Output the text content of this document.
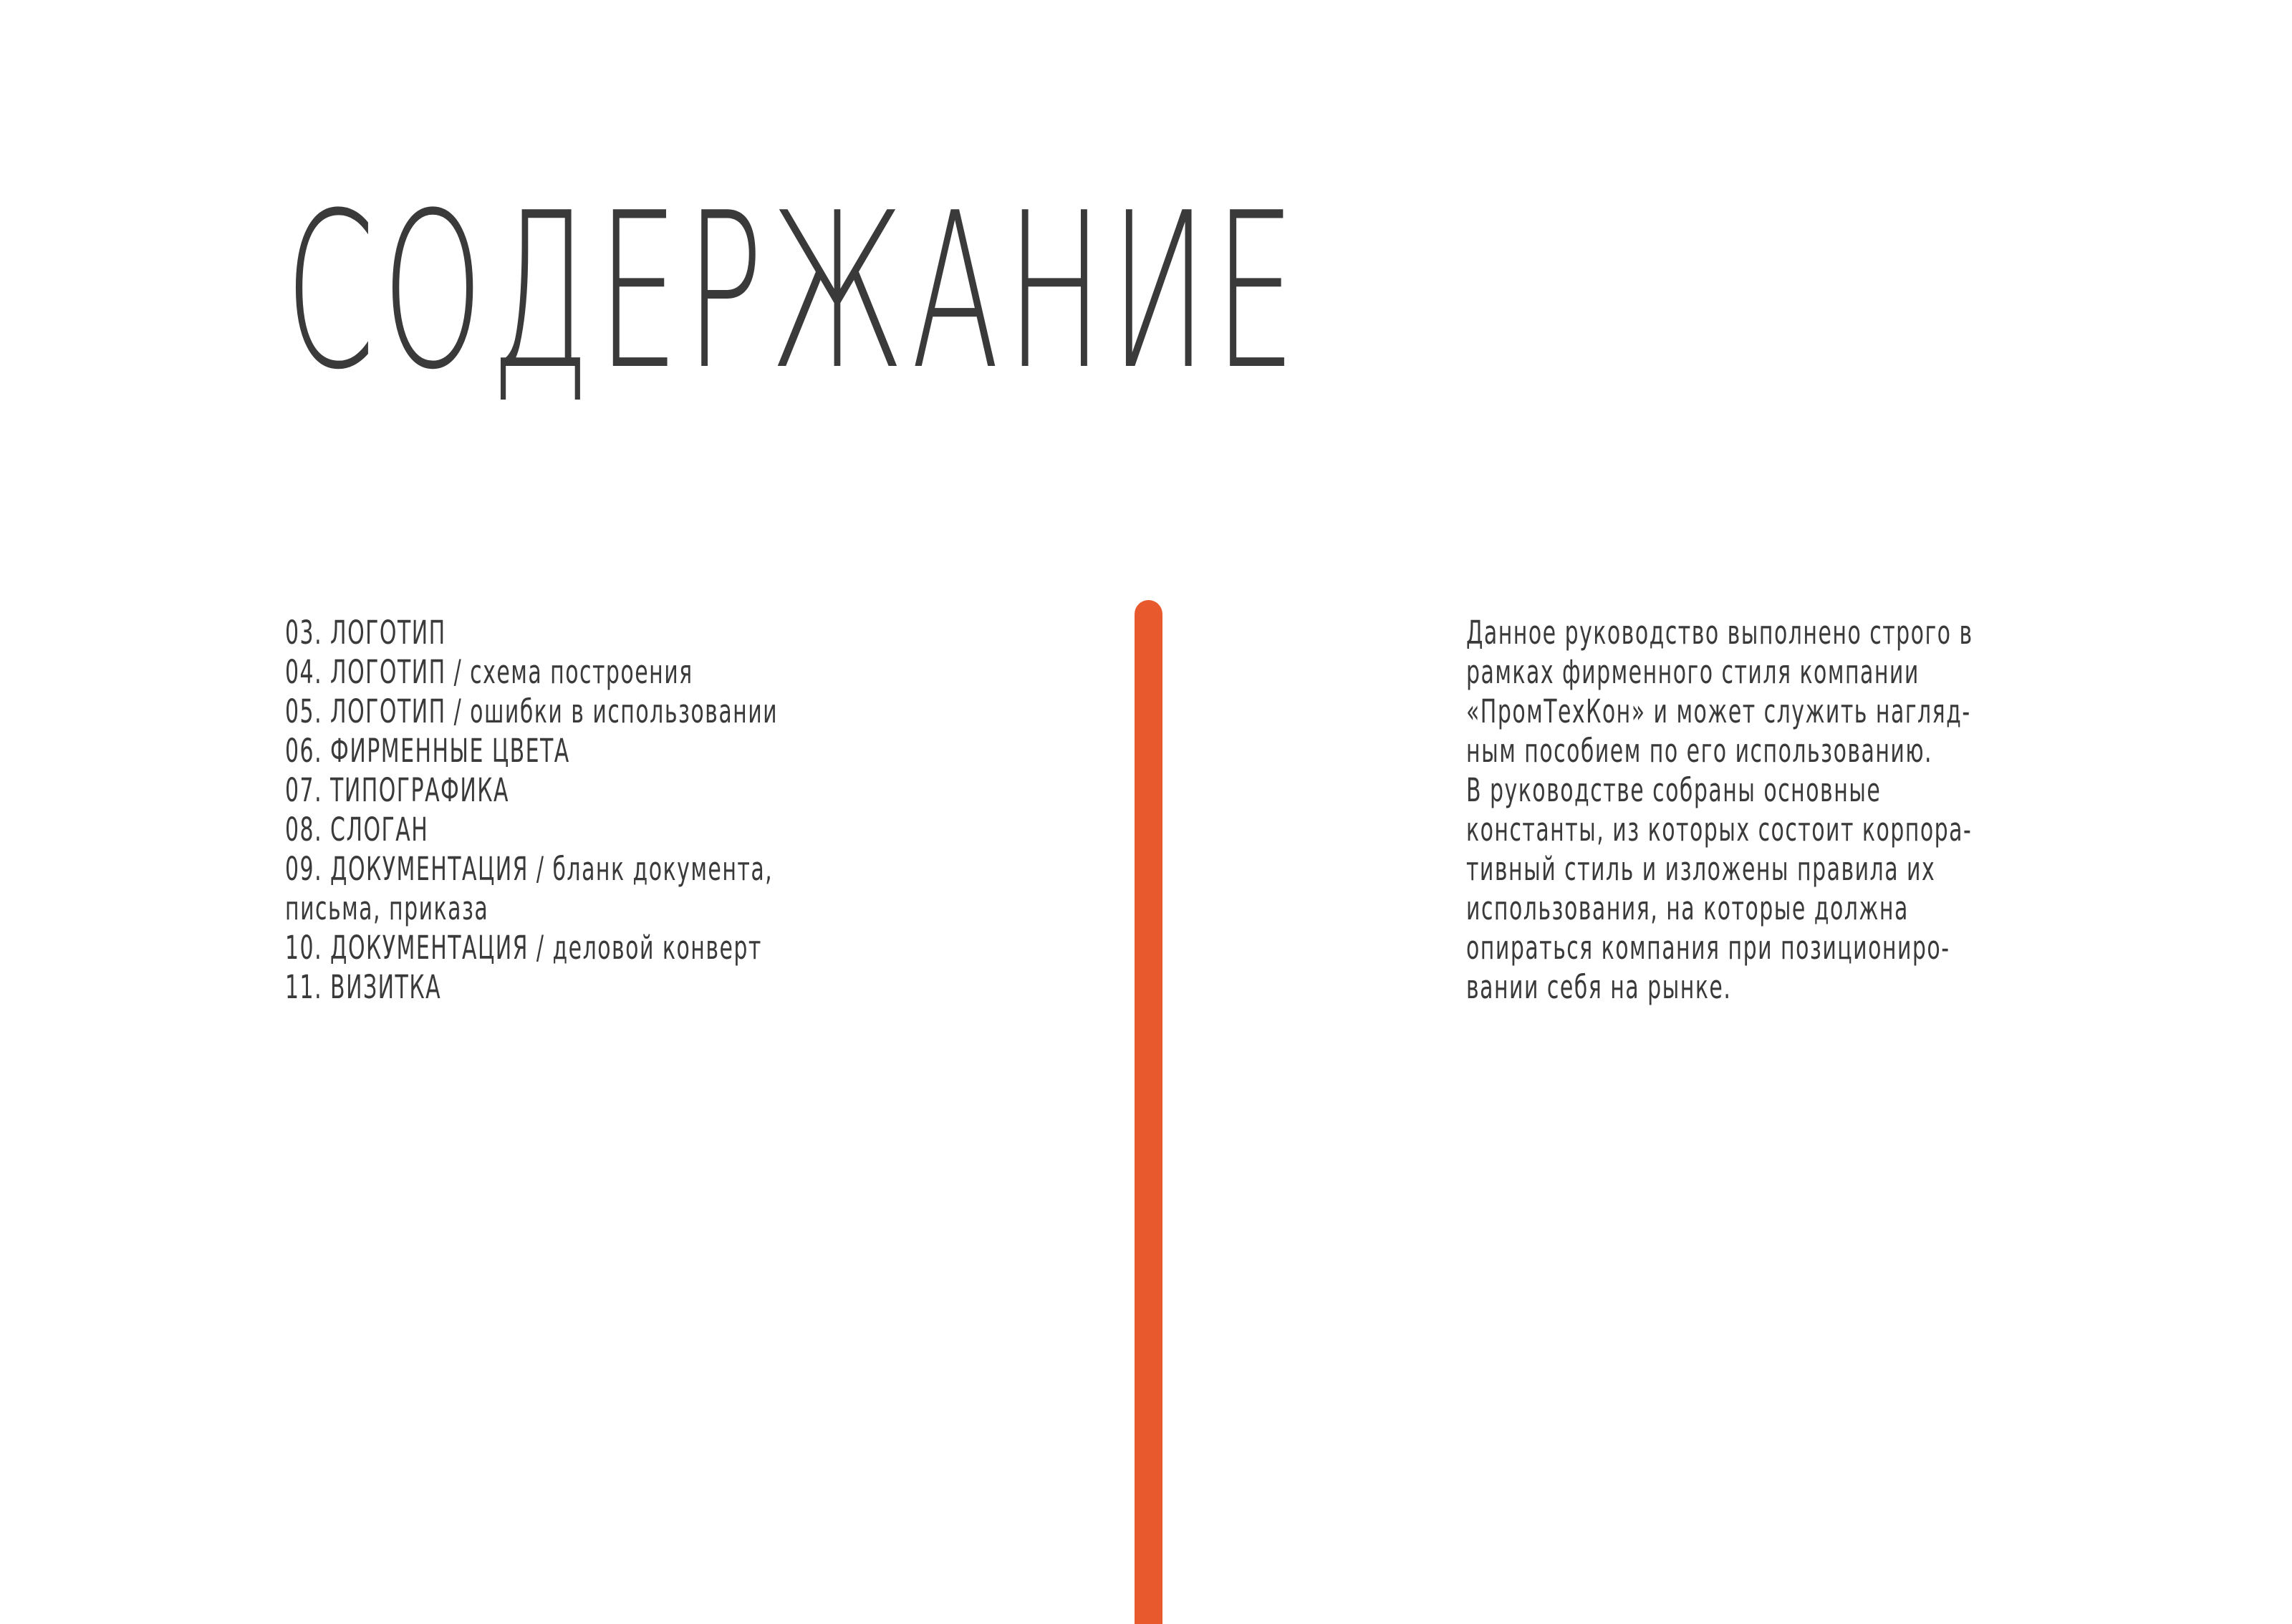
СОДЕРЖАНИЕ
03. ЛОГОТИП
04. ЛОГОТИП / схема построения
05. ЛОГОТИП / ошибки в использовании
06. ФИРМЕННЫЕ ЦВЕТА
07. ТИПОГРАФИКА
08. СЛОГАН
09. ДОКУМЕНТАЦИЯ / бланк документа,
письма, приказа
10. ДОКУМЕНТАЦИЯ / деловой конверт
11. ВИЗИТКА
Данное руководство выполнено строго в
рамках фирменного стиля компании
«ПромТехКон» и может служить нагляд-
ным пособием по его использованию.
В руководстве собраны основные
константы, из которых состоит корпора-
тивный стиль и изложены правила их
использования, на которые должна
опираться компания при позициониро-
вании себя на рынке.
